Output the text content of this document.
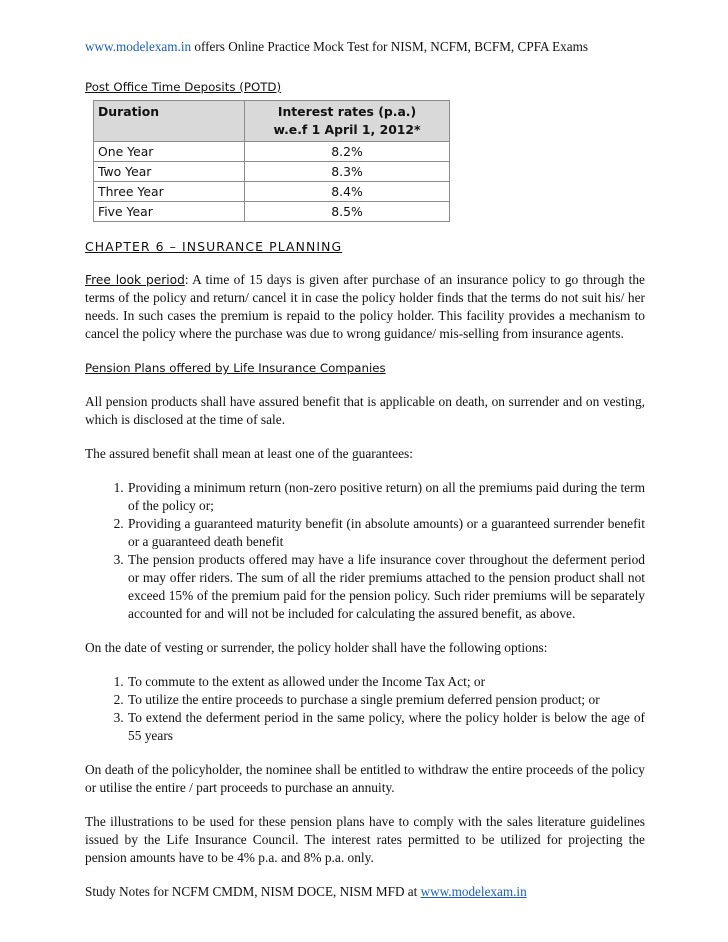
www.modelexam.in offers Online Practice Mock Test for NISM, NCFM, BCFM, CPFA Exams
Post Office Time Deposits (POTD)
Duration	Interest rates (p.a.)
w.e.f 1 April 1, 2012*

One Year	8.2%
Two Year	8.3%
Three Year	8.4%
Five Year	8.5%
CHAPTER 6 – INSURANCE PLANNING

Free look period: A time of 15 days is given after purchase of an insurance policy to go through the terms of the policy and return/ cancel it in case the policy holder finds that the terms do not suit his/ her needs. In such cases the premium is repaid to the policy holder. This facility provides a mechanism to cancel the policy where the purchase was due to wrong guidance/ mis-selling from insurance agents.

Pension Plans offered by Life Insurance Companies

All pension products shall have assured benefit that is applicable on death, on surrender and on vesting, which is disclosed at the time of sale.

The assured benefit shall mean at least one of the guarantees:

1. Providing a minimum return (non-zero positive return) on all the premiums paid during the term of the policy or;
2. Providing a guaranteed maturity benefit (in absolute amounts) or a guaranteed surrender benefit or a guaranteed death benefit
3. The pension products offered may have a life insurance cover throughout the deferment period or may offer riders. The sum of all the rider premiums attached to the pension product shall not exceed 15% of the premium paid for the pension policy. Such rider premiums will be separately accounted for and will not be included for calculating the assured benefit, as above.

On the date of vesting or surrender, the policy holder shall have the following options:

1. To commute to the extent as allowed under the Income Tax Act; or
2. To utilize the entire proceeds to purchase a single premium deferred pension product; or
3. To extend the deferment period in the same policy, where the policy holder is below the age of 55 years

On death of the policyholder, the nominee shall be entitled to withdraw the entire proceeds of the policy or utilise the entire / part proceeds to purchase an annuity.

The illustrations to be used for these pension plans have to comply with the sales literature guidelines issued by the Life Insurance Council. The interest rates permitted to be utilized for projecting the pension amounts have to be 4% p.a. and 8% p.a. only.

Study Notes for NCFM CMDM, NISM DOCE, NISM MFD at www.modelexam.in
